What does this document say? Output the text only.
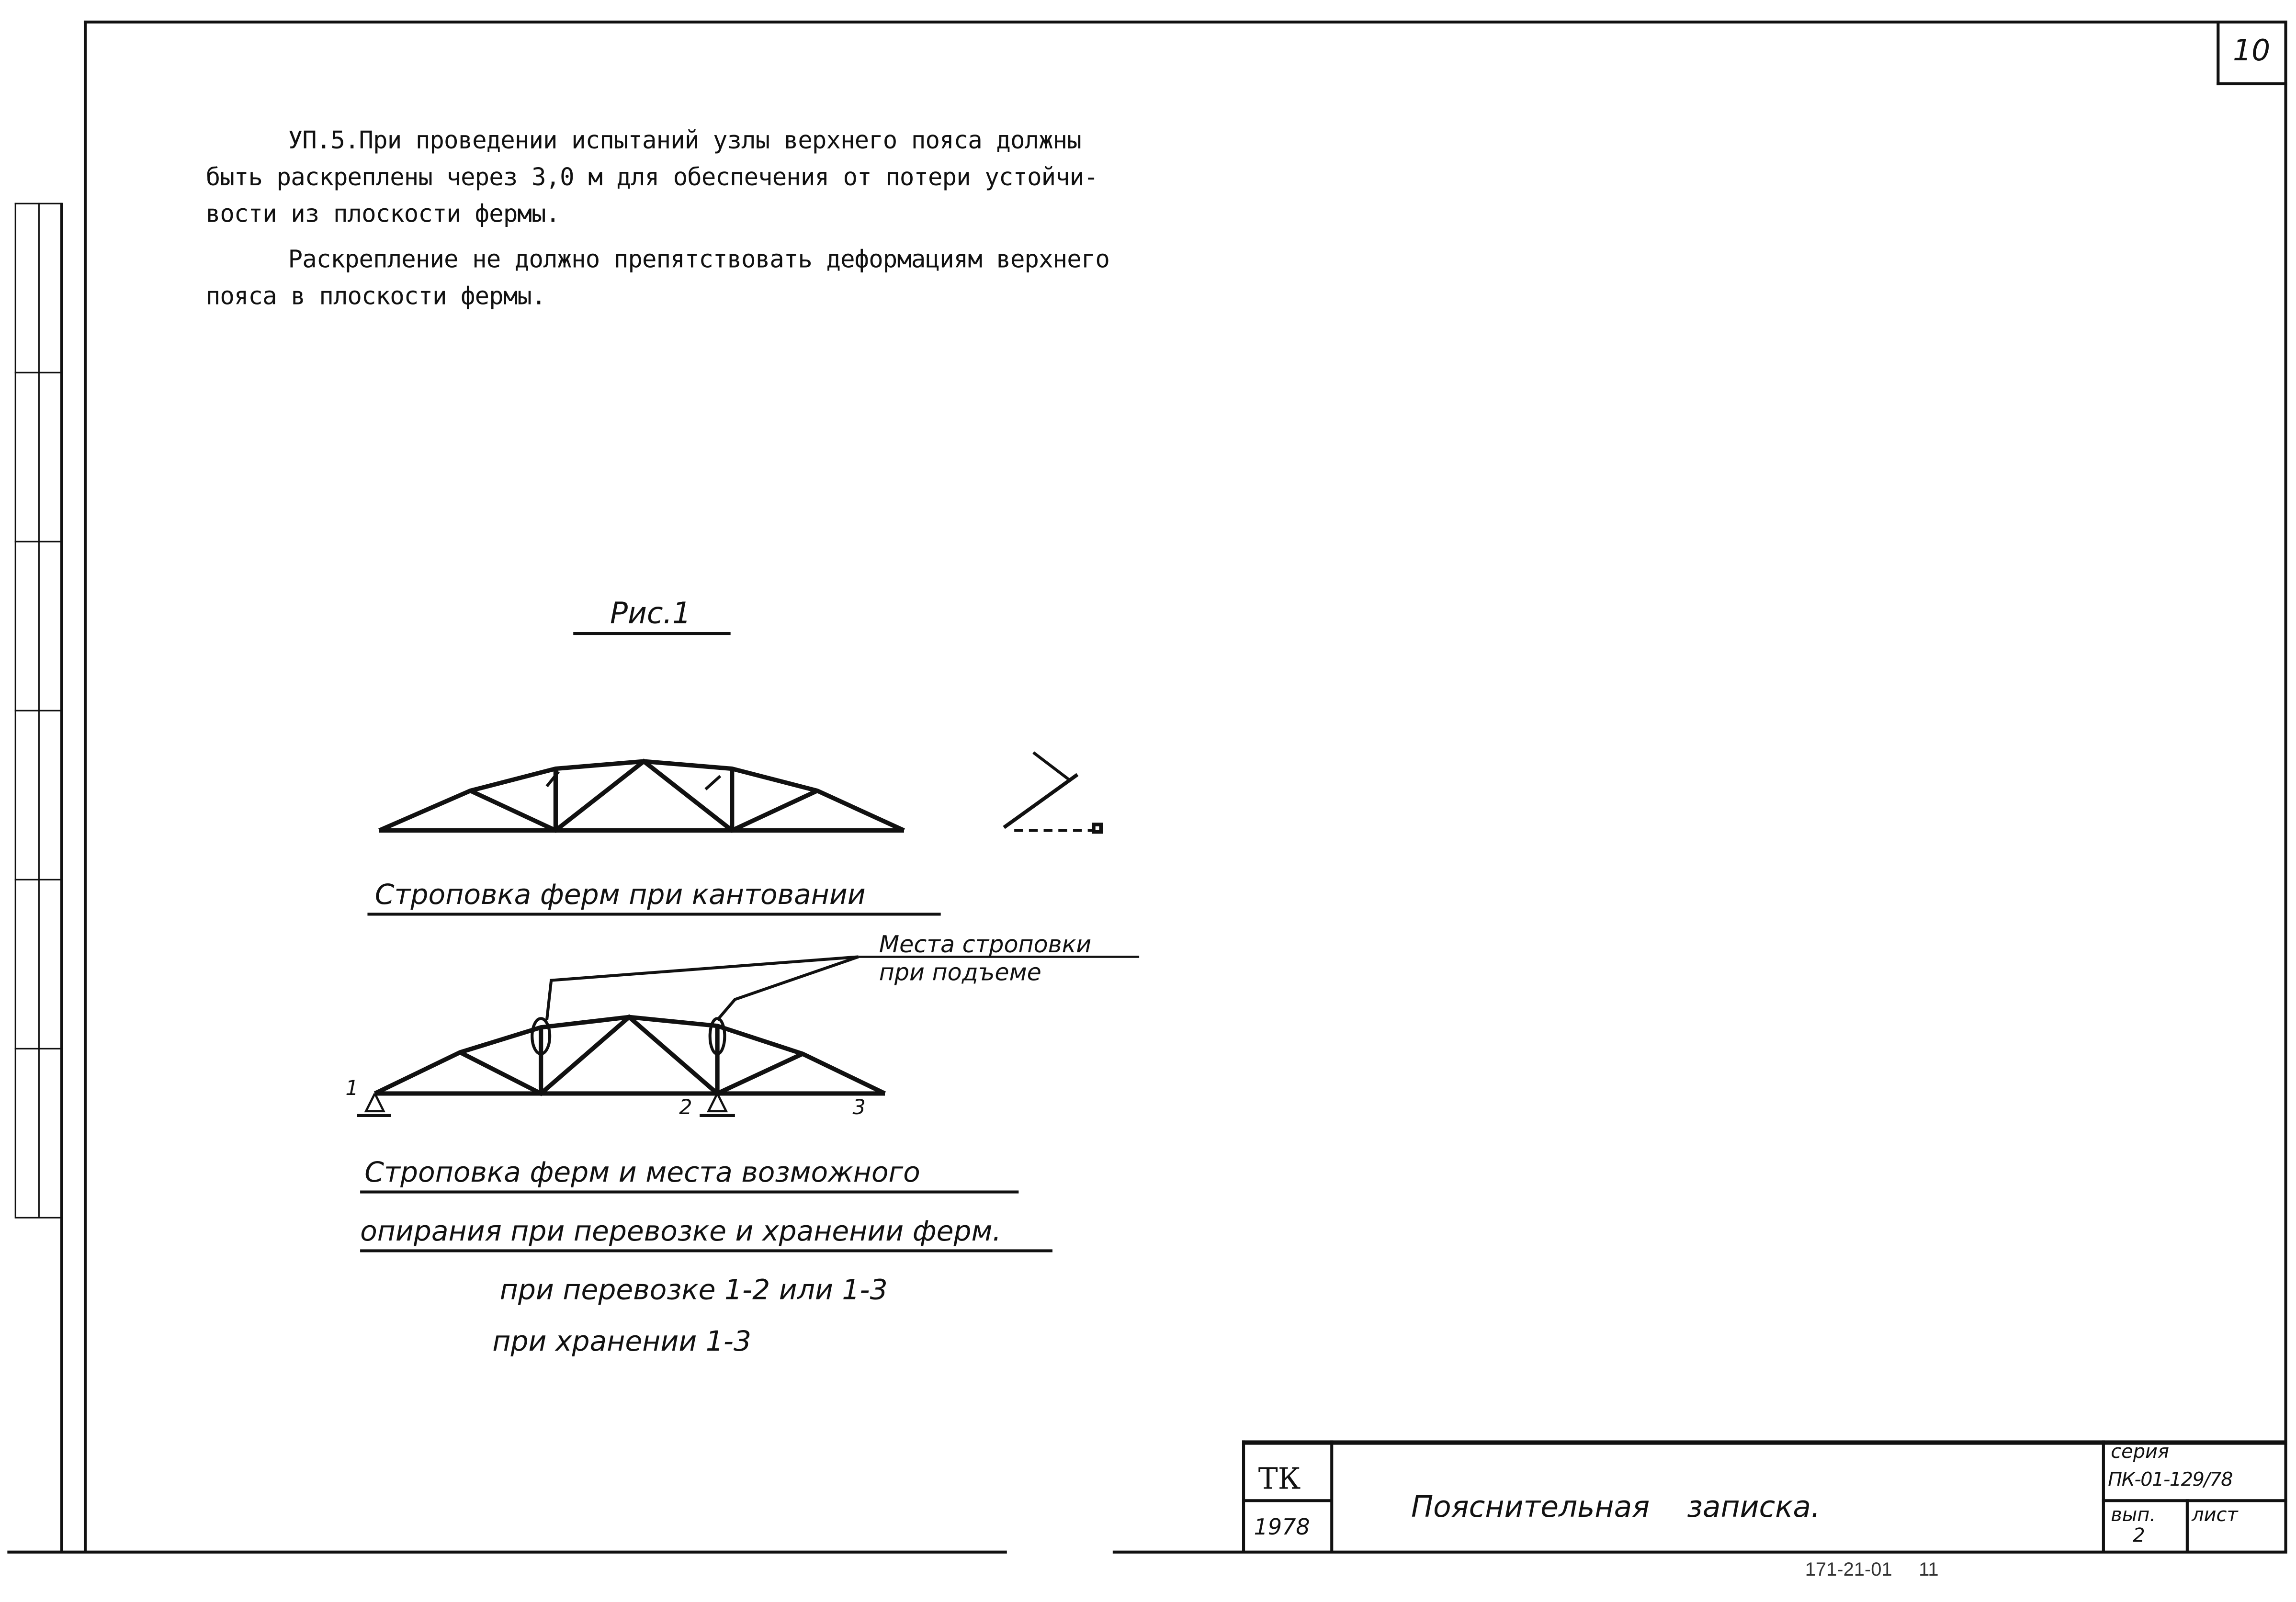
10
УП.5.При проведении испытаний узлы верхнего пояса должны
быть раскреплены через 3,0 м для обеспечения от потери устойчи-
вости из плоскости фермы.
Раскрепление не должно препятствовать деформациям верхнего
пояса в плоскости фермы.
Рис.1
Строповка ферм при кантовании
Места строповки
при подъеме
1
2	3
Строповка ферм и места возможного
опирания при перевозке и хранении ферм.
при перевозке 1-2 или 1-3
при хранении 1-3
ТК
1978
Пояснительная    записка.
серия
ПК-01-129/78
вып.
2
лист
171-21-01     11
